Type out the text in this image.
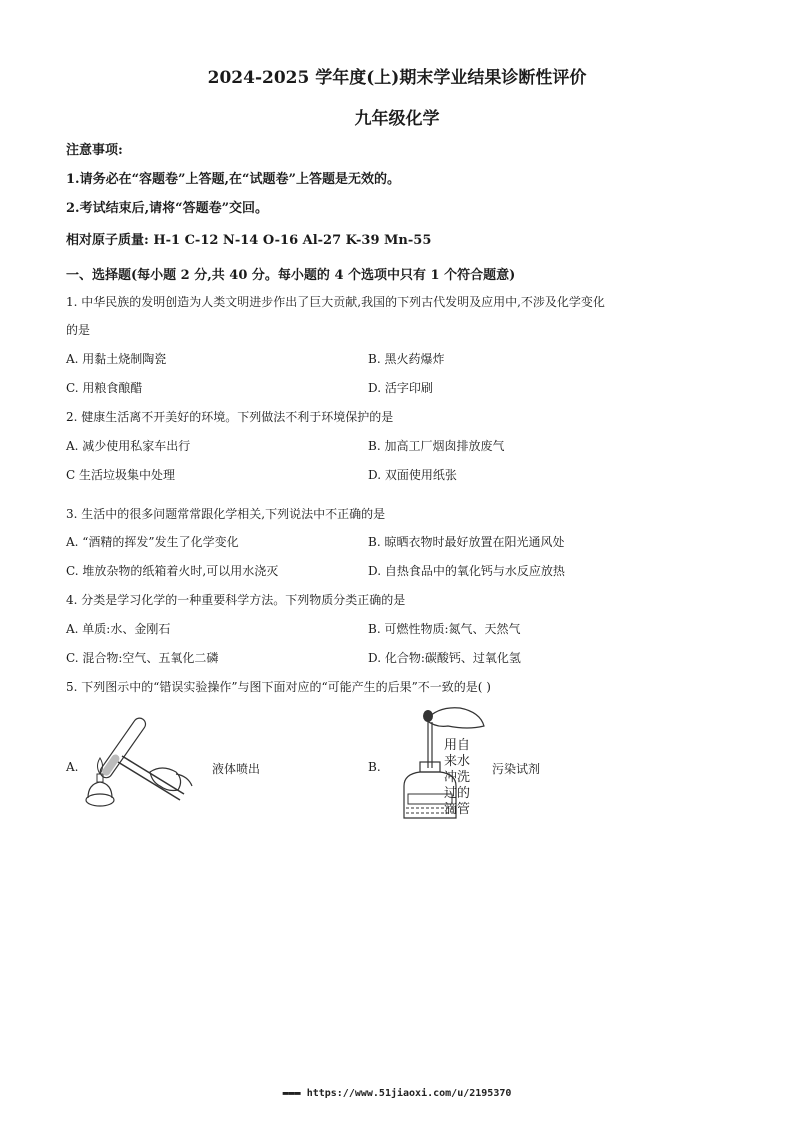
2024-2025 学年度(上)期末学业结果诊断性评价
九年级化学
注意事项:
1.请务必在“容题卷”上答题,在“试题卷”上答题是无效的。
2.考试结束后,请将“答题卷”交回。
相对原子质量: H-1 C-12 N-14 O-16 Al-27 K-39 Mn-55
一、选择题(每小题 2 分,共 40 分。每小题的 4 个选项中只有 1 个符合题意)
1. 中华民族的发明创造为人类文明进步作出了巨大贡献,我国的下列古代发明及应用中,不涉及化学变化
的是
A. 用黏土烧制陶瓷	B. 黑火药爆炸
C. 用粮食酿醋	D. 活字印刷
2. 健康生活离不开美好的环境。下列做法不利于环境保护的是
A. 减少使用私家车出行	B. 加高工厂烟囱排放废气
C 生活垃圾集中处理	D. 双面使用纸张
3. 生活中的很多问题常常跟化学相关,下列说法中不正确的是
A. “酒精的挥发”发生了化学变化	B. 晾晒衣物时最好放置在阳光通风处
C. 堆放杂物的纸箱着火时,可以用水浇灭	D. 自热食品中的氧化钙与水反应放热
4. 分类是学习化学的一种重要科学方法。下列物质分类正确的是
A. 单质:水、金刚石	B. 可燃性物质:氮气、天然气
C. 混合物:空气、五氧化二磷	D. 化合物:碳酸钙、过氧化氢
5. 下列图示中的“错误实验操作”与图下面对应的“可能产生的后果”不一致的是( )
A.	液体喷出	B.
用自
来水
冲洗
过的
滴管
污染试剂
▬▬▬ https://www.51jiaoxi.com/u/2195370
